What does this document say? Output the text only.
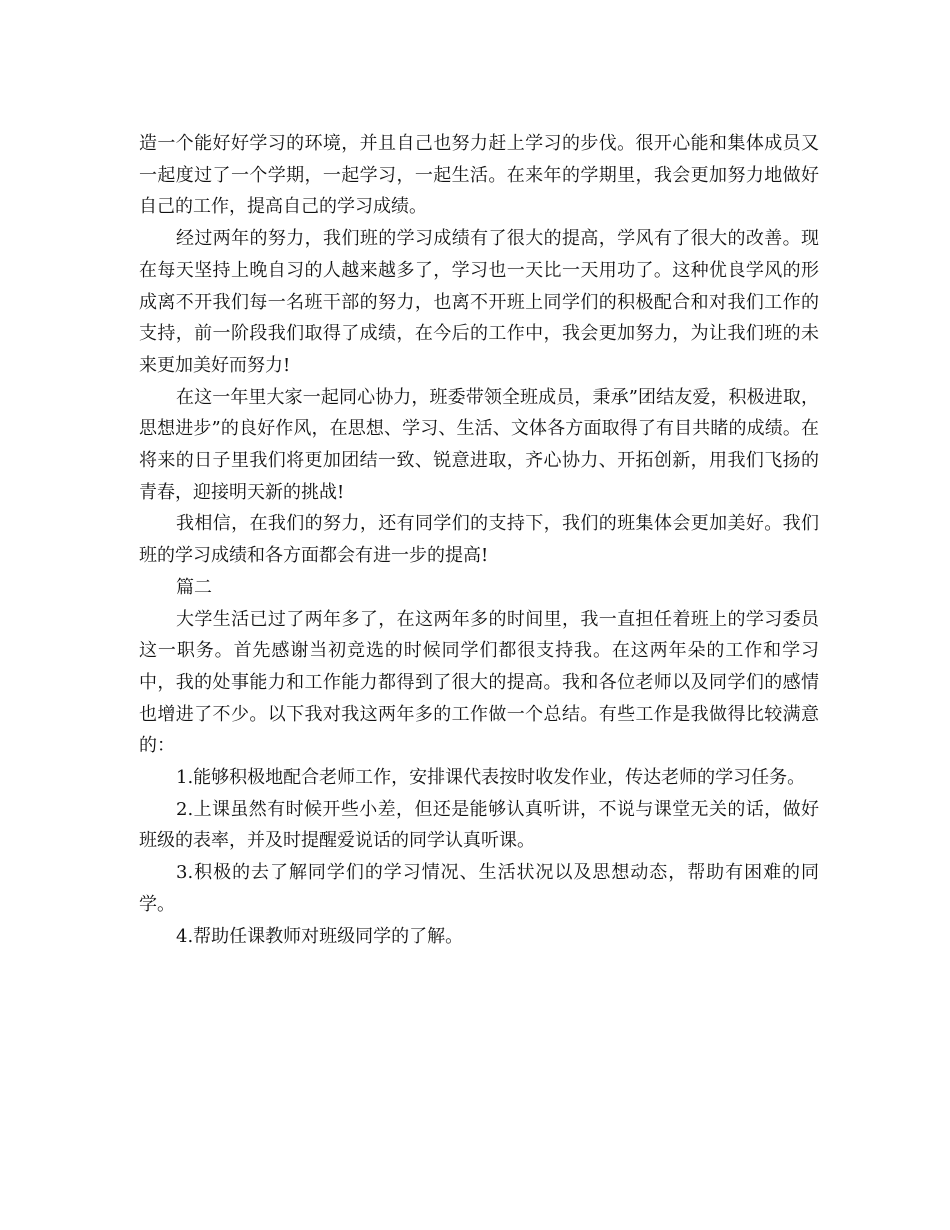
造一个能好好学习的环境，并且自己也努力赶上学习的步伐。很开心能和集体成员又一起度过了一个学期，一起学习，一起生活。在来年的学期里，我会更加努力地做好自己的工作，提高自己的学习成绩。

经过两年的努力，我们班的学习成绩有了很大的提高，学风有了很大的改善。现在每天坚持上晚自习的人越来越多了，学习也一天比一天用功了。这种优良学风的形成离不开我们每一名班干部的努力，也离不开班上同学们的积极配合和对我们工作的支持，前一阶段我们取得了成绩，在今后的工作中，我会更加努力，为让我们班的未来更加美好而努力!

在这一年里大家一起同心协力，班委带领全班成员，秉承”团结友爱，积极进取，思想进步”的良好作风，在思想、学习、生活、文体各方面取得了有目共睹的成绩。在将来的日子里我们将更加团结一致、锐意进取，齐心协力、开拓创新，用我们飞扬的青春，迎接明天新的挑战!

我相信，在我们的努力，还有同学们的支持下，我们的班集体会更加美好。我们班的学习成绩和各方面都会有进一步的提高!

篇二

大学生活已过了两年多了，在这两年多的时间里，我一直担任着班上的学习委员这一职务。首先感谢当初竞选的时候同学们都很支持我。在这两年朵的工作和学习中，我的处事能力和工作能力都得到了很大的提高。我和各位老师以及同学们的感情也增进了不少。以下我对我这两年多的工作做一个总结。有些工作是我做得比较满意的：

1.能够积极地配合老师工作，安排课代表按时收发作业，传达老师的学习任务。

2.上课虽然有时候开些小差，但还是能够认真听讲，不说与课堂无关的话，做好班级的表率，并及时提醒爱说话的同学认真听课。

3.积极的去了解同学们的学习情况、生活状况以及思想动态，帮助有困难的同学。

4.帮助任课教师对班级同学的了解。
